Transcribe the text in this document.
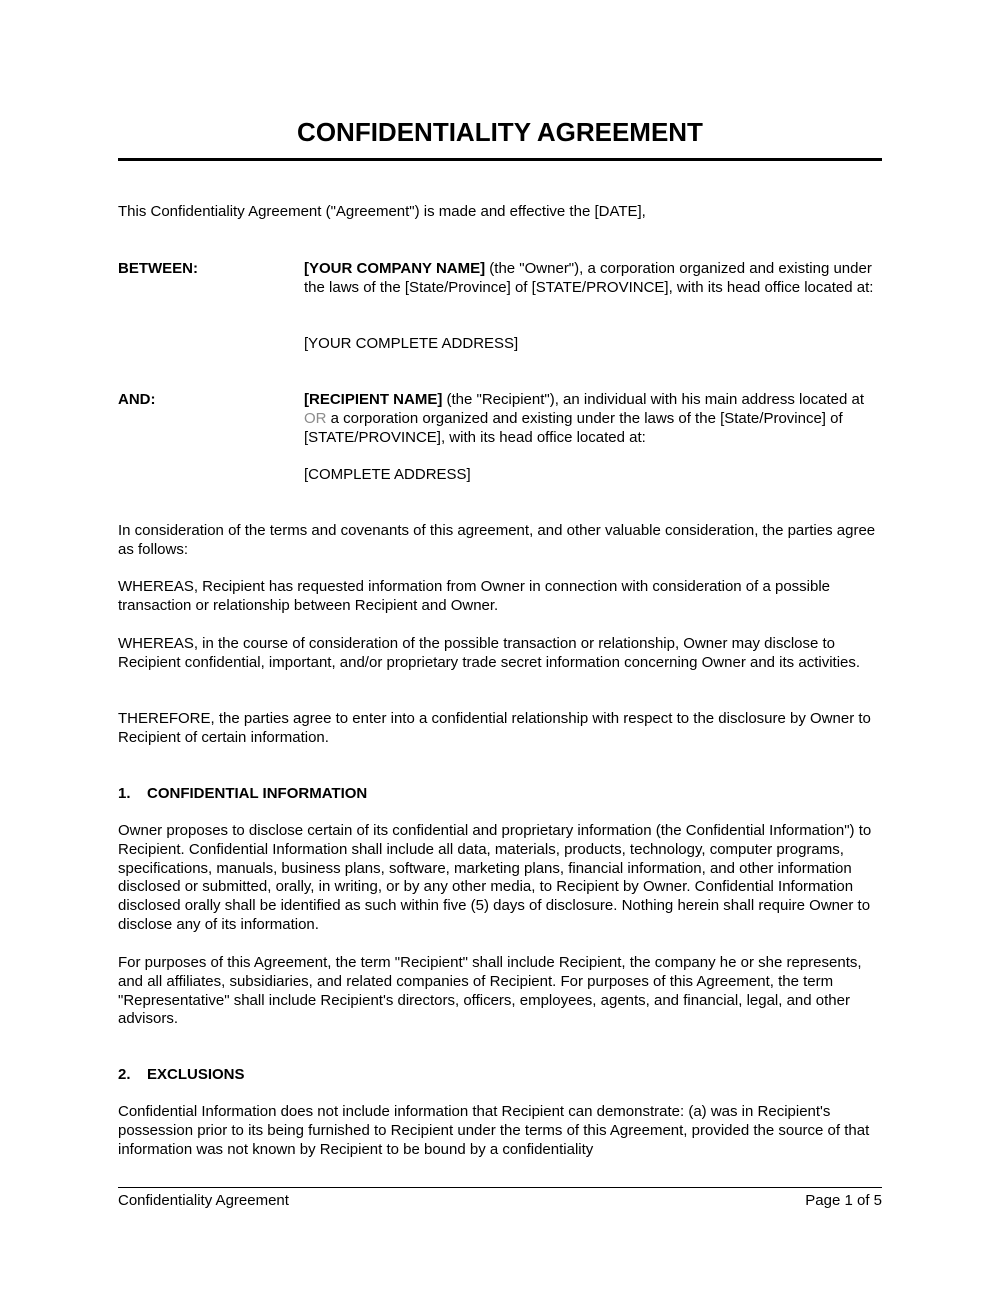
CONFIDENTIALITY AGREEMENT

This Confidentiality Agreement ("Agreement") is made and effective the [DATE],

BETWEEN:	[YOUR COMPANY NAME] (the "Owner"), a corporation organized and existing under the laws of the [State/Province] of [STATE/PROVINCE], with its head office located at:

[YOUR COMPLETE ADDRESS]

AND:	[RECIPIENT NAME] (the "Recipient"), an individual with his main address located at OR a corporation organized and existing under the laws of the [State/Province] of [STATE/PROVINCE], with its head office located at:

[COMPLETE ADDRESS]

In consideration of the terms and covenants of this agreement, and other valuable consideration, the parties agree as follows:

WHEREAS, Recipient has requested information from Owner in connection with consideration of a possible transaction or relationship between Recipient and Owner.

WHEREAS, in the course of consideration of the possible transaction or relationship, Owner may disclose to Recipient confidential, important, and/or proprietary trade secret information concerning Owner and its activities.

THEREFORE, the parties agree to enter into a confidential relationship with respect to the disclosure by Owner to Recipient of certain information.

1. CONFIDENTIAL INFORMATION

Owner proposes to disclose certain of its confidential and proprietary information (the Confidential Information") to Recipient. Confidential Information shall include all data, materials, products, technology, computer programs, specifications, manuals, business plans, software, marketing plans, financial information, and other information disclosed or submitted, orally, in writing, or by any other media, to Recipient by Owner. Confidential Information disclosed orally shall be identified as such within five (5) days of disclosure. Nothing herein shall require Owner to disclose any of its information.

For purposes of this Agreement, the term "Recipient" shall include Recipient, the company he or she represents, and all affiliates, subsidiaries, and related companies of Recipient. For purposes of this Agreement, the term "Representative" shall include Recipient's directors, officers, employees, agents, and financial, legal, and other advisors.

2. EXCLUSIONS

Confidential Information does not include information that Recipient can demonstrate: (a) was in Recipient's possession prior to its being furnished to Recipient under the terms of this Agreement, provided the source of that information was not known by Recipient to be bound by a confidentiality

Confidentiality Agreement	Page 1 of 5
